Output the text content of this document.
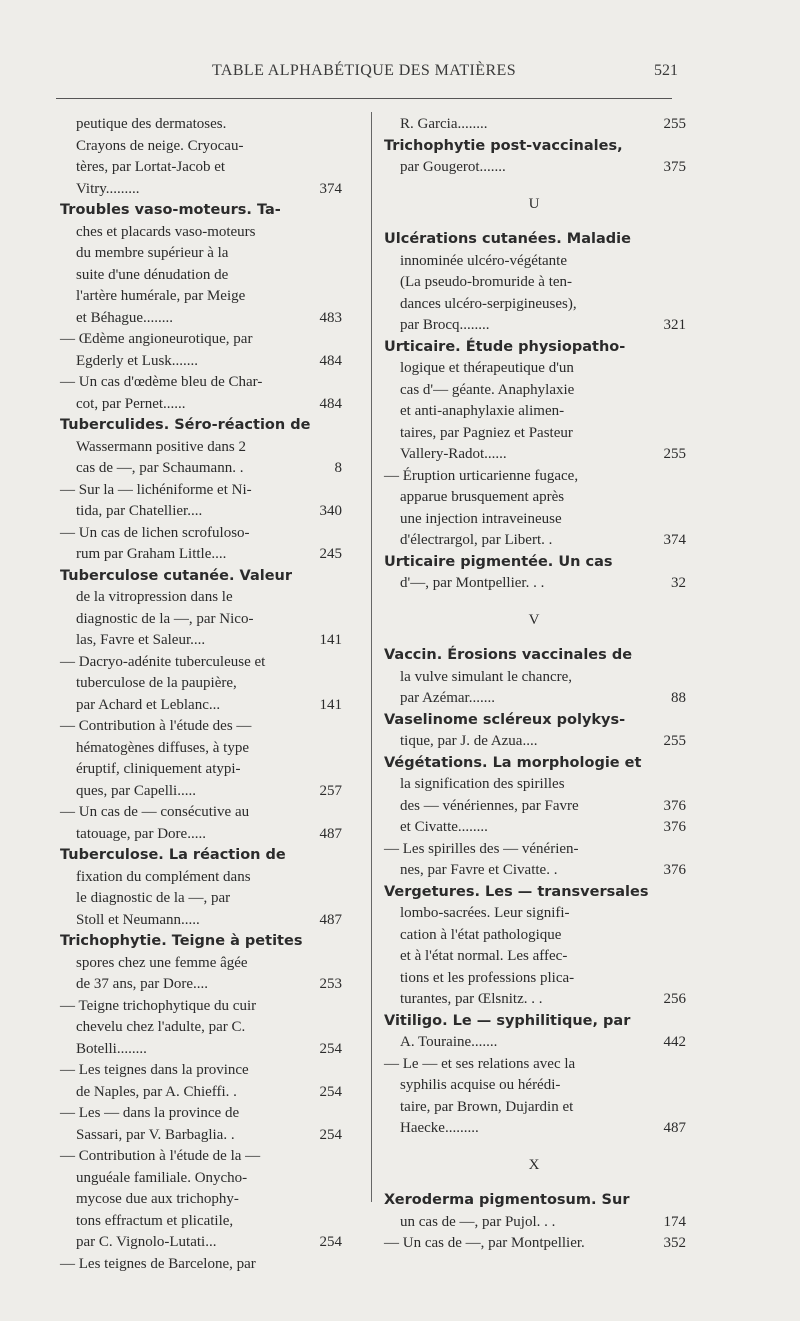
TABLE ALPHABÉTIQUE DES MATIÈRES	521
peutique des dermatoses.
Crayons de neige. Cryocau-
tères, par Lortat-Jacob et
Vitry.........	374
Troubles vaso-moteurs. Ta-
ches et placards vaso-moteurs
du membre supérieur à la
suite d'une dénudation de
l'artère humérale, par Meige
et Béhague........	483
— Œdème angioneurotique, par
Egderly et Lusk.......	484
— Un cas d'œdème bleu de Char-
cot, par Pernet......	484
Tuberculides. Séro-réaction de
Wassermann positive dans 2
cas de —, par Schaumann. .	8
— Sur la — lichéniforme et Ni-
tida, par Chatellier....	340
— Un cas de lichen scrofuloso-
rum par Graham Little....	245
Tuberculose cutanée. Valeur
de la vitropression dans le
diagnostic de la —, par Nico-
las, Favre et Saleur....	141
— Dacryo-adénite tuberculeuse et
tuberculose de la paupière,
par Achard et Leblanc...	141
— Contribution à l'étude des —
hématogènes diffuses, à type
éruptif, cliniquement atypi-
ques, par Capelli.....	257
— Un cas de — consécutive au
tatouage, par Dore.....	487
Tuberculose. La réaction de
fixation du complément dans
le diagnostic de la —, par
Stoll et Neumann.....	487
Trichophytie. Teigne à petites
spores chez une femme âgée
de 37 ans, par Dore....	253
— Teigne trichophytique du cuir
chevelu chez l'adulte, par C.
Botelli........	254
— Les teignes dans la province
de Naples, par A. Chieffi. .	254
— Les — dans la province de
Sassari, par V. Barbaglia. .	254
— Contribution à l'étude de la —
unguéale familiale. Onycho-
mycose due aux trichophy-
tons effractum et plicatile,
par C. Vignolo-Lutati...	254
— Les teignes de Barcelone, par
R. Garcia........	255
Trichophytie post-vaccinales,
par Gougerot.......	375
U
Ulcérations cutanées. Maladie
innominée ulcéro-végétante
(La pseudo-bromuride à ten-
dances ulcéro-serpigineuses),
par Brocq........	321
Urticaire. Étude physiopatho-
logique et thérapeutique d'un
cas d'— géante. Anaphylaxie
et anti-anaphylaxie alimen-
taires, par Pagniez et Pasteur
Vallery-Radot......	255
— Éruption urticarienne fugace,
apparue brusquement après
une injection intraveineuse
d'électrargol, par Libert. .	374
Urticaire pigmentée. Un cas
d'—, par Montpellier. . .	32
V
Vaccin. Érosions vaccinales de
la vulve simulant le chancre,
par Azémar.......	88
Vaselinome scléreux polykys-
tique, par J. de Azua....	255
Végétations. La morphologie et
la signification des spirilles
des — vénériennes, par Favre	376
et Civatte........	376
— Les spirilles des — vénérien-
nes, par Favre et Civatte. .	376
Vergetures. Les — transversales
lombo-sacrées. Leur signifi-
cation à l'état pathologique
et à l'état normal. Les affec-
tions et les professions plica-
turantes, par Œlsnitz. . .	256
Vitiligo. Le — syphilitique, par
A. Touraine.......	442
— Le — et ses relations avec la
syphilis acquise ou hérédi-
taire, par Brown, Dujardin et
Haecke.........	487
X
Xeroderma pigmentosum. Sur
un cas de —, par Pujol. . .	174
— Un cas de —, par Montpellier.	352
